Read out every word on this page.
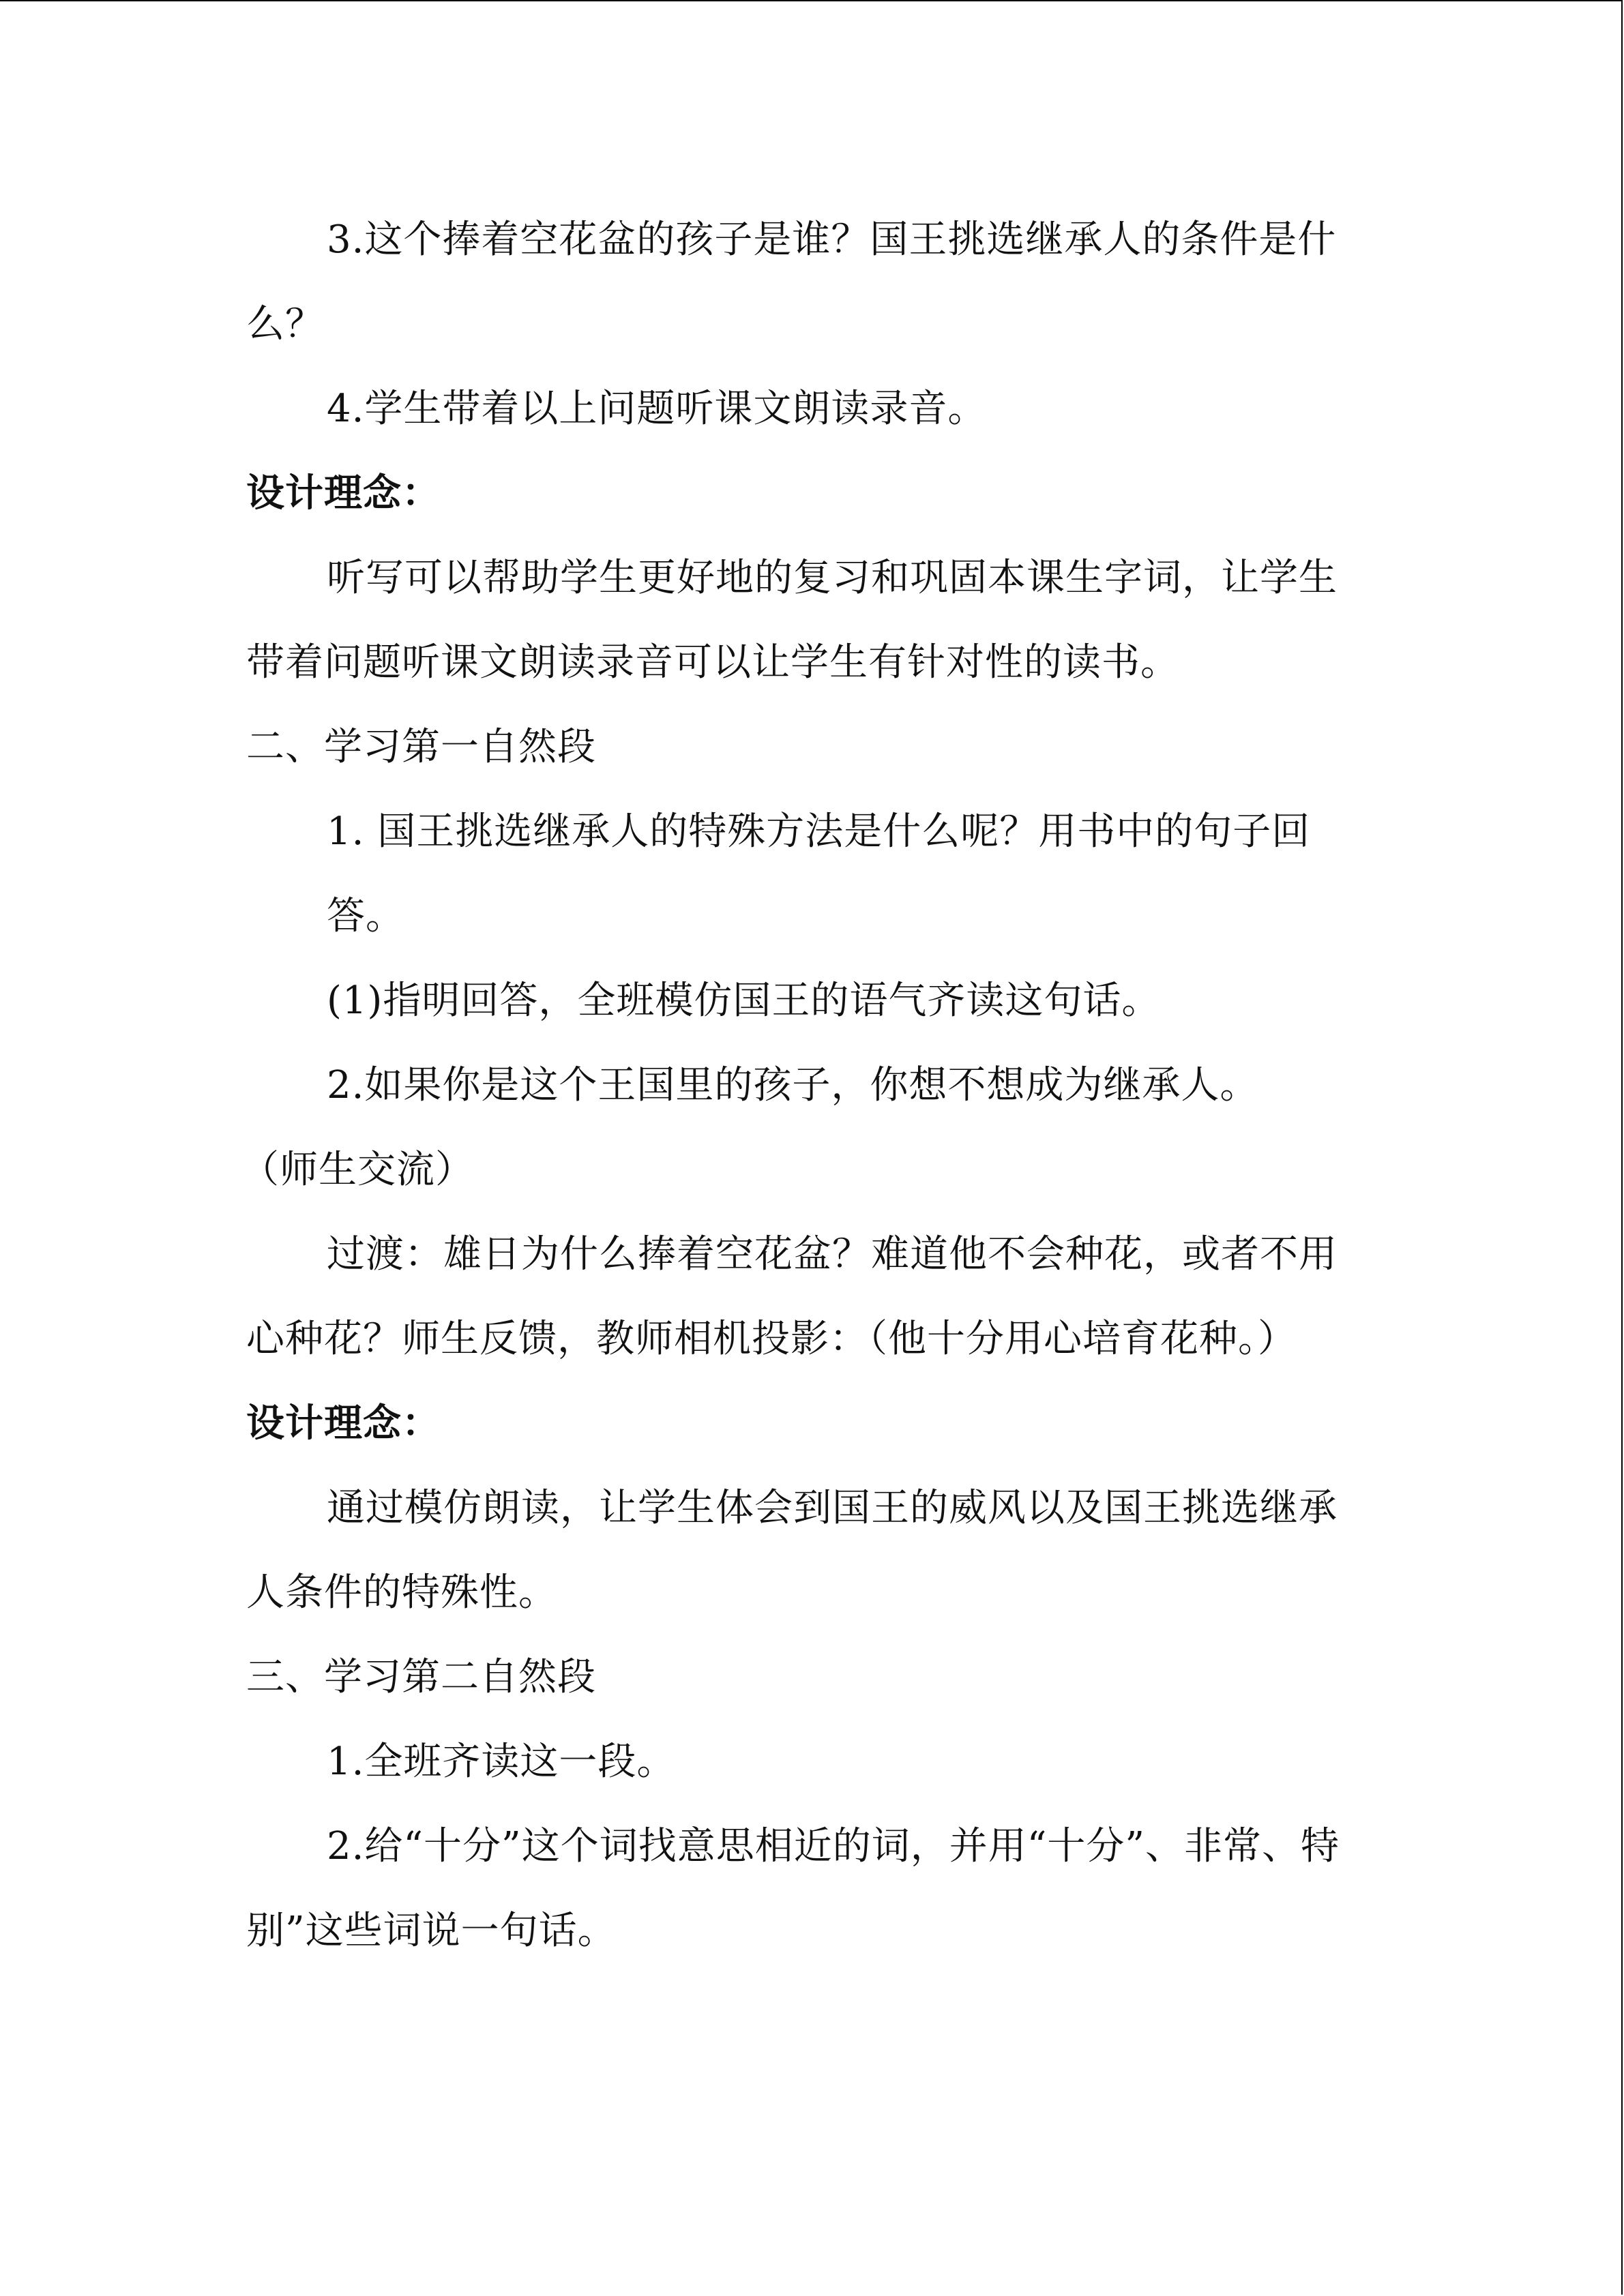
3.这个捧着空花盆的孩子是谁？国王挑选继承人的条件是什么？

4.学生带着以上问题听课文朗读录音。

设计理念：

听写可以帮助学生更好地的复习和巩固本课生字词，让学生带着问题听课文朗读录音可以让学生有针对性的读书。

二、学习第一自然段

1. 国王挑选继承人的特殊方法是什么呢？用书中的句子回答。

(1)指明回答，全班模仿国王的语气齐读这句话。

2.如果你是这个王国里的孩子，你想不想成为继承人。

（师生交流）

过渡：雄日为什么捧着空花盆？难道他不会种花，或者不用心种花？师生反馈，教师相机投影：（他十分用心培育花种。）

设计理念：

通过模仿朗读，让学生体会到国王的威风以及国王挑选继承人条件的特殊性。

三、学习第二自然段

1.全班齐读这一段。

2.给“十分”这个词找意思相近的词，并用“十分”、非常、特别”这些词说一句话。
